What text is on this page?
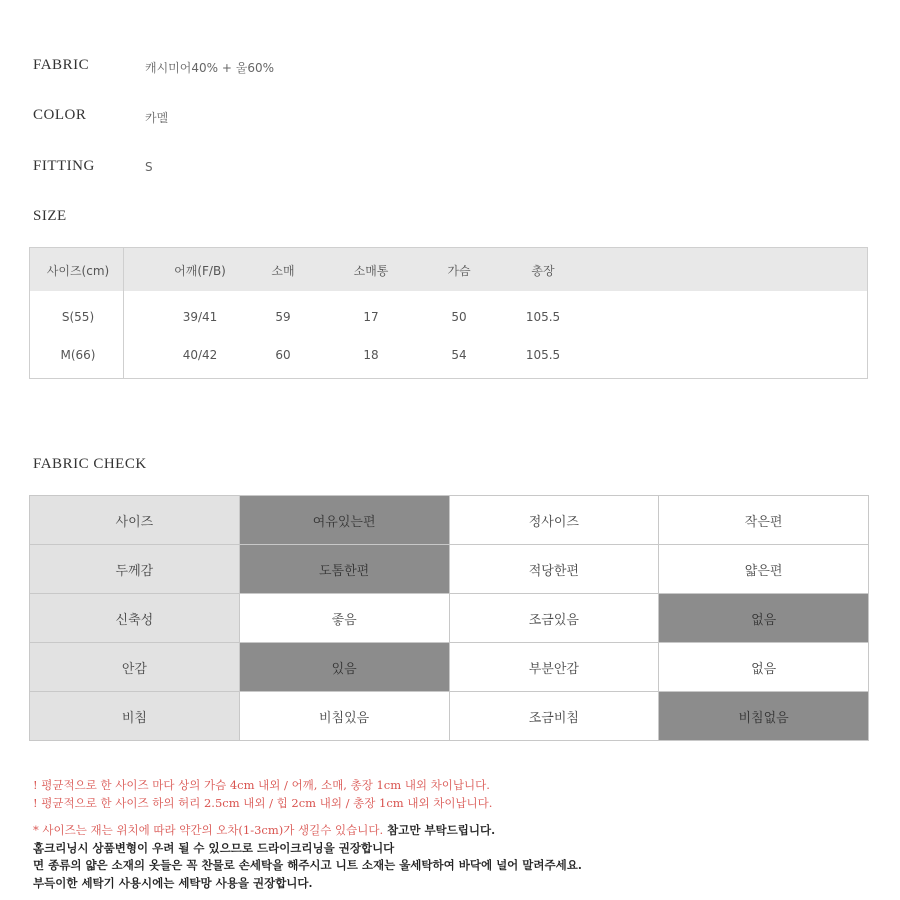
FABRIC	캐시미어40% + 울60%
COLOR	카멜
FITTING	S
SIZE
사이즈(cm)	어깨(F/B)	소매	소매통	가슴	총장
S(55)	39/41	59	17	50	105.5
M(66)	40/42	60	18	54	105.5
FABRIC CHECK
사이즈	여유있는편	정사이즈	작은편
두께감	도톰한편	적당한편	얇은편
신축성	좋음	조금있음	없음
안감	있음	부분안감	없음
비침	비침있음	조금비침	비침없음
! 평균적으로 한 사이즈 마다 상의 가슴 4cm 내외 / 어깨, 소매, 총장 1cm 내외 차이납니다.
! 평균적으로 한 사이즈 하의 허리 2.5cm 내외 / 힙 2cm 내외 / 총장 1cm 내외 차이납니다.
* 사이즈는 재는 위치에 따라 약간의 오차(1-3cm)가 생길수 있습니다. 참고만 부탁드립니다.
홈크리닝시 상품변형이 우려 될 수 있으므로 드라이크리닝을 권장합니다
면 종류의 얇은 소재의 옷들은 꼭 찬물로 손세탁을 해주시고 니트 소재는 울세탁하여 바닥에 널어 말려주세요.
부득이한 세탁기 사용시에는 세탁망 사용을 권장합니다.
